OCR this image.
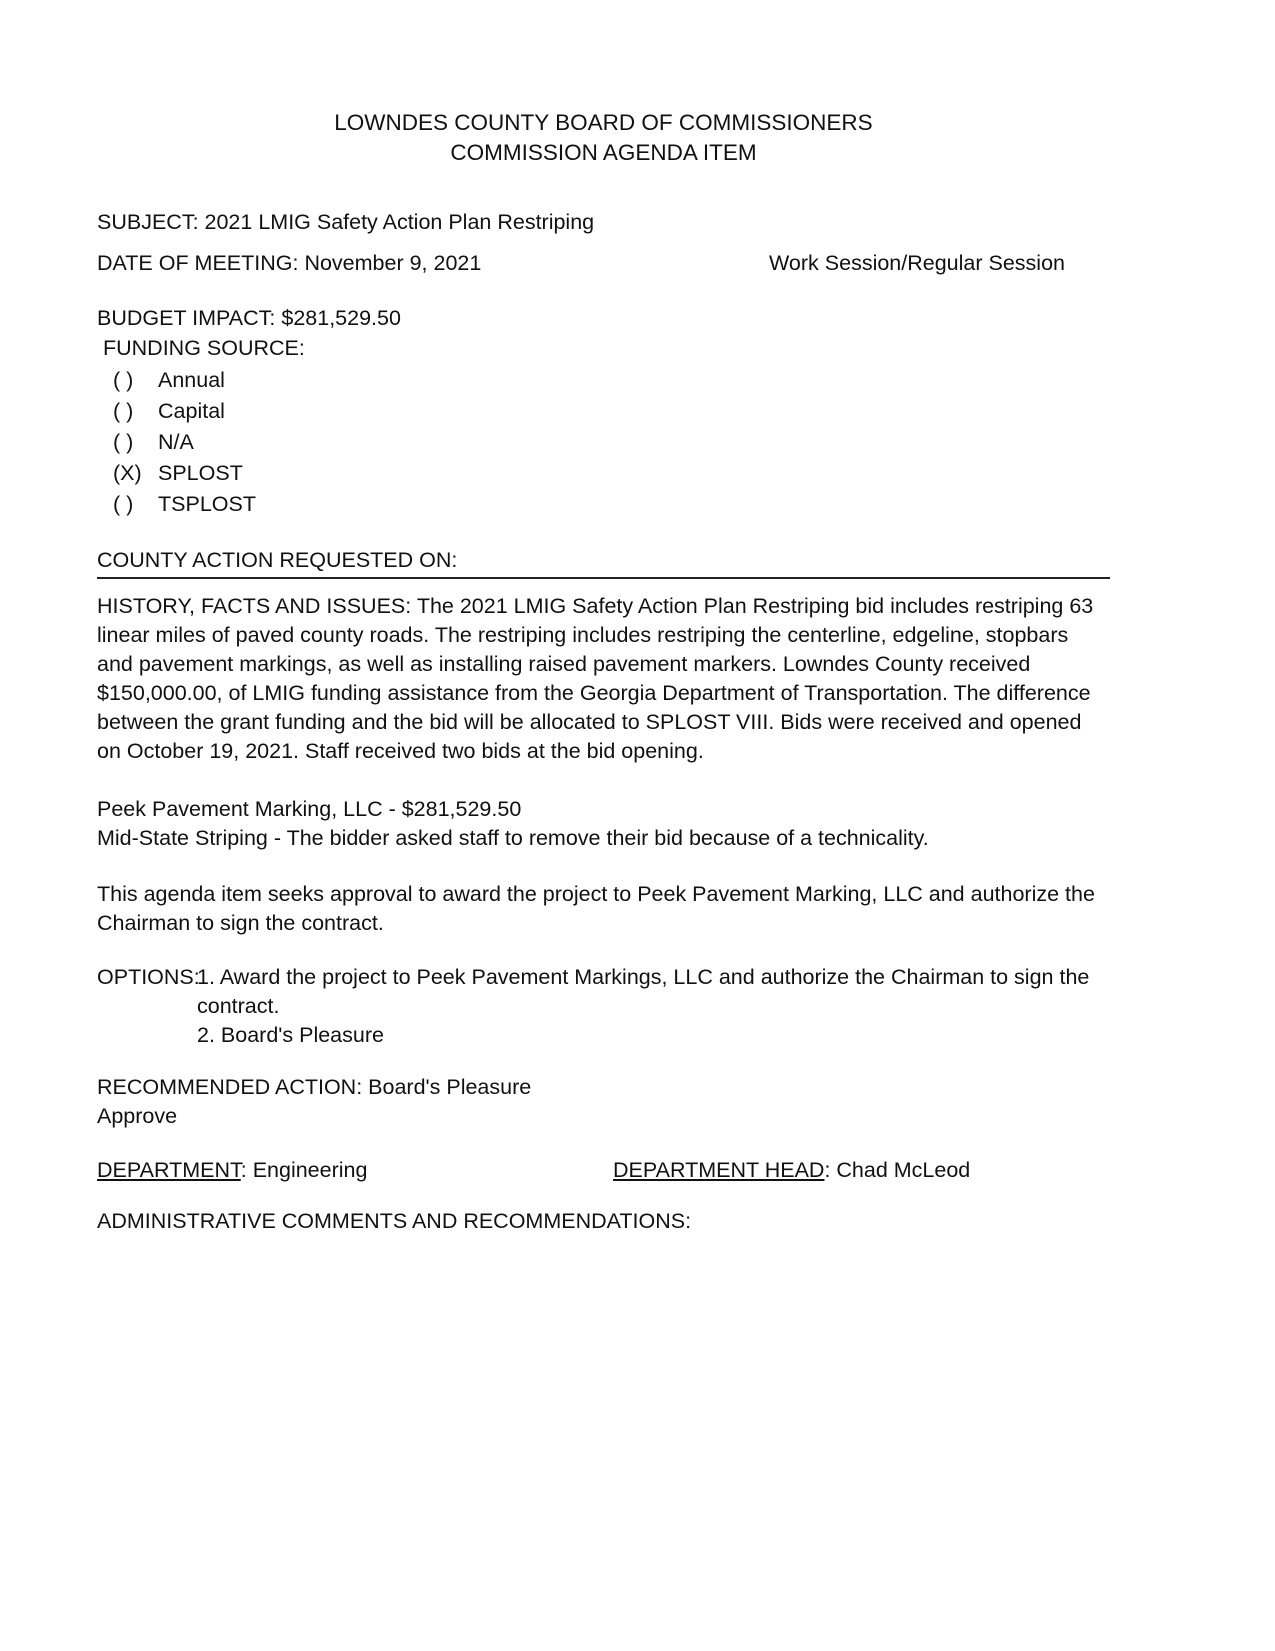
LOWNDES COUNTY BOARD OF COMMISSIONERS
COMMISSION AGENDA ITEM

SUBJECT: 2021 LMIG Safety Action Plan Restriping

DATE OF MEETING: November 9, 2021	Work Session/Regular Session

BUDGET IMPACT: $281,529.50

FUNDING SOURCE:

( ) Annual
( ) Capital
( ) N/A
(X) SPLOST
( ) TSPLOST
COUNTY ACTION REQUESTED ON:

HISTORY, FACTS AND ISSUES: The 2021 LMIG Safety Action Plan Restriping bid includes restriping 63 linear miles of paved county roads. The restriping includes restriping the centerline, edgeline, stopbars and pavement markings, as well as installing raised pavement markers. Lowndes County received $150,000.00, of LMIG funding assistance from the Georgia Department of Transportation. The difference between the grant funding and the bid will be allocated to SPLOST VIII. Bids were received and opened on October 19, 2021. Staff received two bids at the bid opening.

Peek Pavement Marking, LLC - $281,529.50

Mid-State Striping - The bidder asked staff to remove their bid because of a technicality.

This agenda item seeks approval to award the project to Peek Pavement Marking, LLC and authorize the Chairman to sign the contract.

OPTIONS:

1. Award the project to Peek Pavement Markings, LLC and authorize the Chairman to sign the contract.

2. Board's Pleasure

RECOMMENDED ACTION: Board's Pleasure

Approve

DEPARTMENT: Engineering	DEPARTMENT HEAD: Chad McLeod

ADMINISTRATIVE COMMENTS AND RECOMMENDATIONS:
